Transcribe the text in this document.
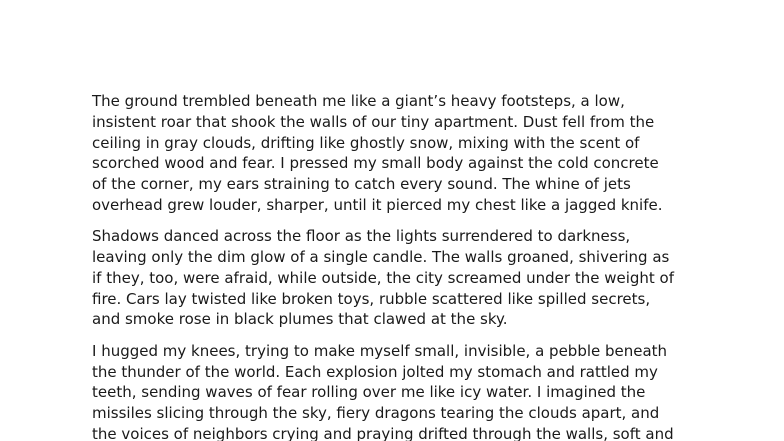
The ground trembled beneath me like a giant’s heavy footsteps, a low,
insistent roar that shook the walls of our tiny apartment. Dust fell from the
ceiling in gray clouds, drifting like ghostly snow, mixing with the scent of
scorched wood and fear. I pressed my small body against the cold concrete
of the corner, my ears straining to catch every sound. The whine of jets
overhead grew louder, sharper, until it pierced my chest like a jagged knife.

Shadows danced across the floor as the lights surrendered to darkness,
leaving only the dim glow of a single candle. The walls groaned, shivering as
if they, too, were afraid, while outside, the city screamed under the weight of
fire. Cars lay twisted like broken toys, rubble scattered like spilled secrets,
and smoke rose in black plumes that clawed at the sky.

I hugged my knees, trying to make myself small, invisible, a pebble beneath
the thunder of the world. Each explosion jolted my stomach and rattled my
teeth, sending waves of fear rolling over me like icy water. I imagined the
missiles slicing through the sky, fiery dragons tearing the clouds apart, and
the voices of neighbors crying and praying drifted through the walls, soft and
